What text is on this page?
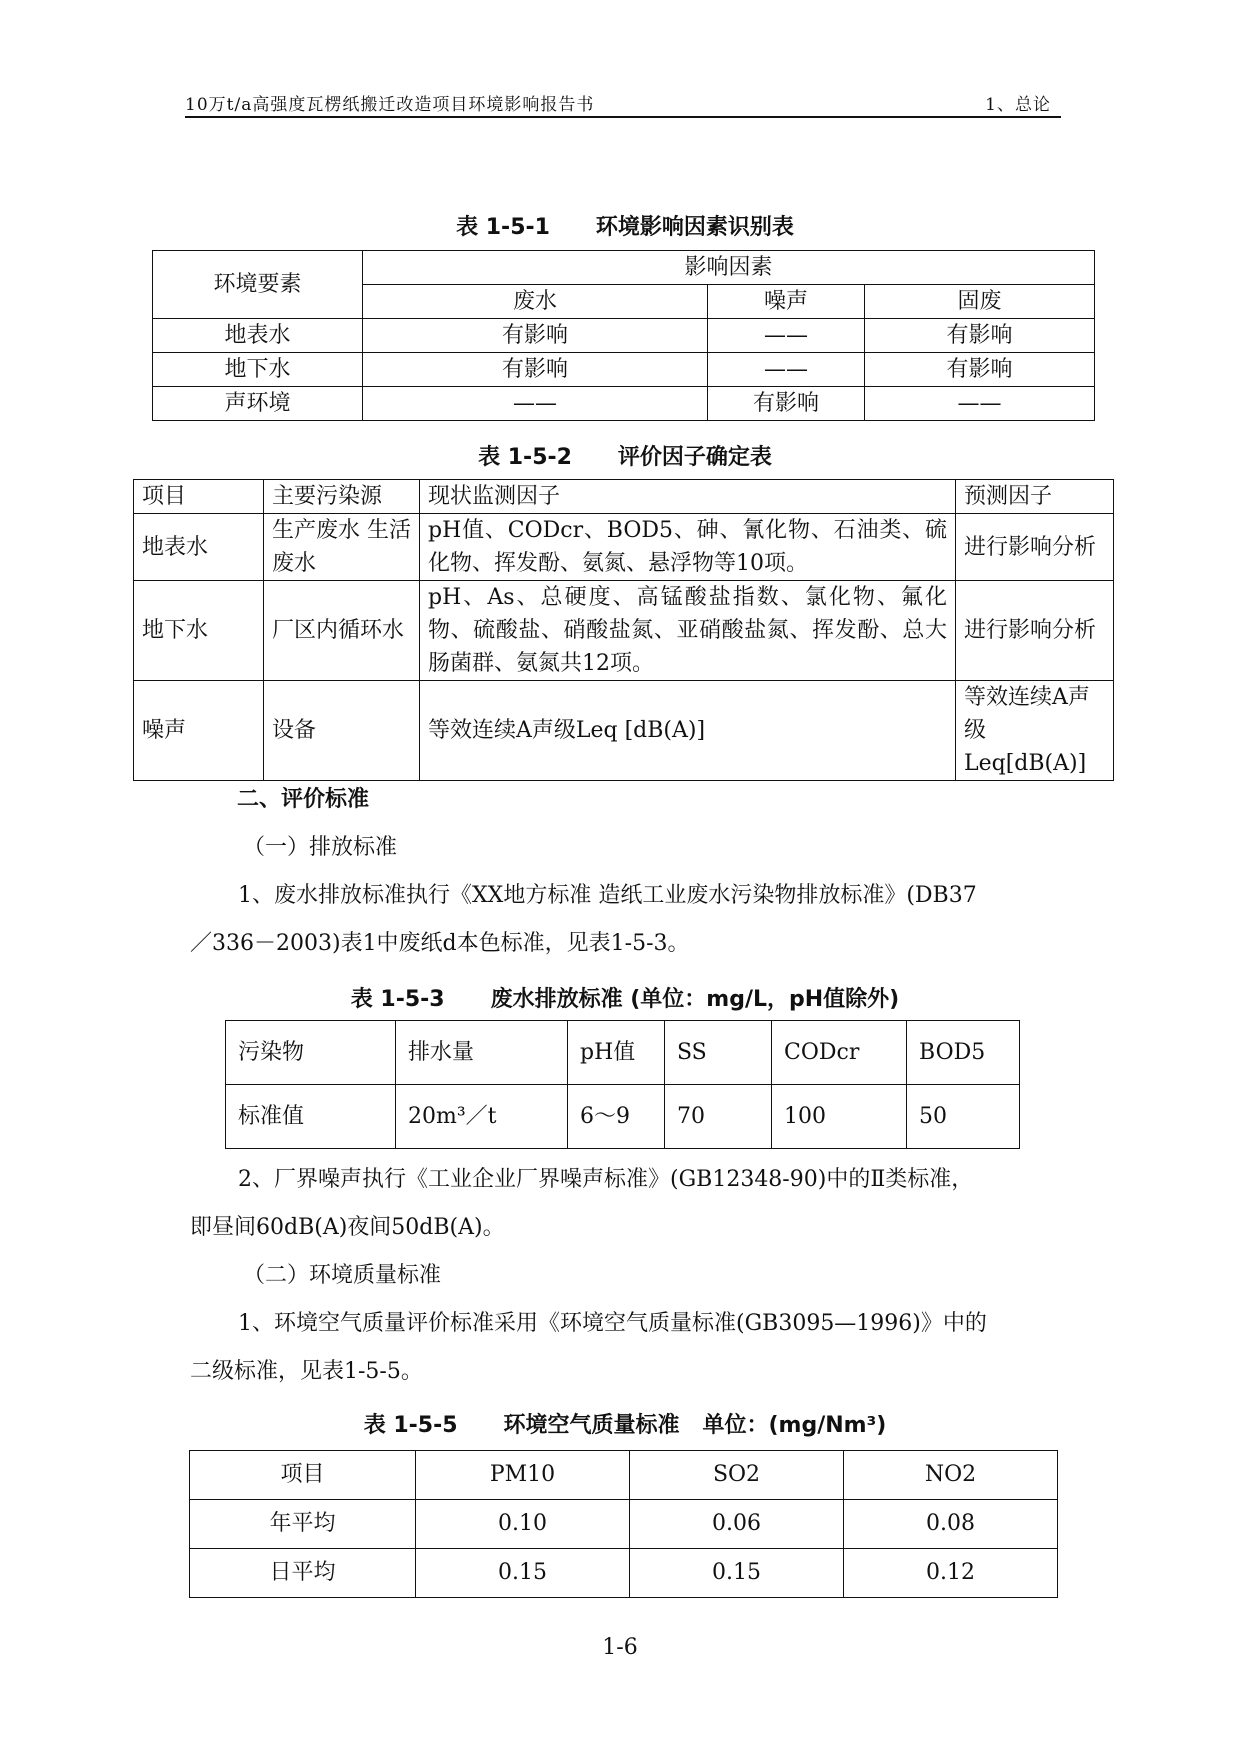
10万t/a高强度瓦楞纸搬迁改造项目环境影响报告书	1、总论
表 1-5-1      环境影响因素识别表
环境要素	影响因素		
	废水	噪声	固废
地表水	有影响	——	有影响
地下水	有影响	——	有影响
声环境	——	有影响	——
表 1-5-2      评价因子确定表
项目	主要污染源	现状监测因子	预测因子
地表水	生产废水 生活废水	pH值、CODcr、BOD5、砷、氰化物、石油类、硫化物、挥发酚、氨氮、悬浮物等10项。	进行影响分析
地下水	厂区内循环水	pH、As、总硬度、高锰酸盐指数、氯化物、氟化物、硫酸盐、硝酸盐氮、亚硝酸盐氮、挥发酚、总大肠菌群、氨氮共12项。	进行影响分析
噪声	设备	等效连续A声级Leq [dB(A)]	等效连续A声级Leq[dB(A)]
二、评价标准
（一）排放标准
1、废水排放标准执行《XX地方标准 造纸工业废水污染物排放标准》(DB37
／336－2003)表1中废纸d本色标准，见表1-5-3。
表 1-5-3      废水排放标准 (单位：mg/L，pH值除外)
污染物	排水量	pH值	SS	CODcr	BOD5
标准值	20m³／t	6～9	70	100	50
2、厂界噪声执行《工业企业厂界噪声标准》(GB12348-90)中的Ⅱ类标准，
即昼间60dB(A)夜间50dB(A)。
（二）环境质量标准
1、环境空气质量评价标准采用《环境空气质量标准(GB3095—1996)》中的
二级标准，见表1-5-5。
表 1-5-5      环境空气质量标准   单位：(mg/Nm³)
项目	PM10	SO2	NO2
年平均	0.10	0.06	0.08
日平均	0.15	0.15	0.12
1-6
